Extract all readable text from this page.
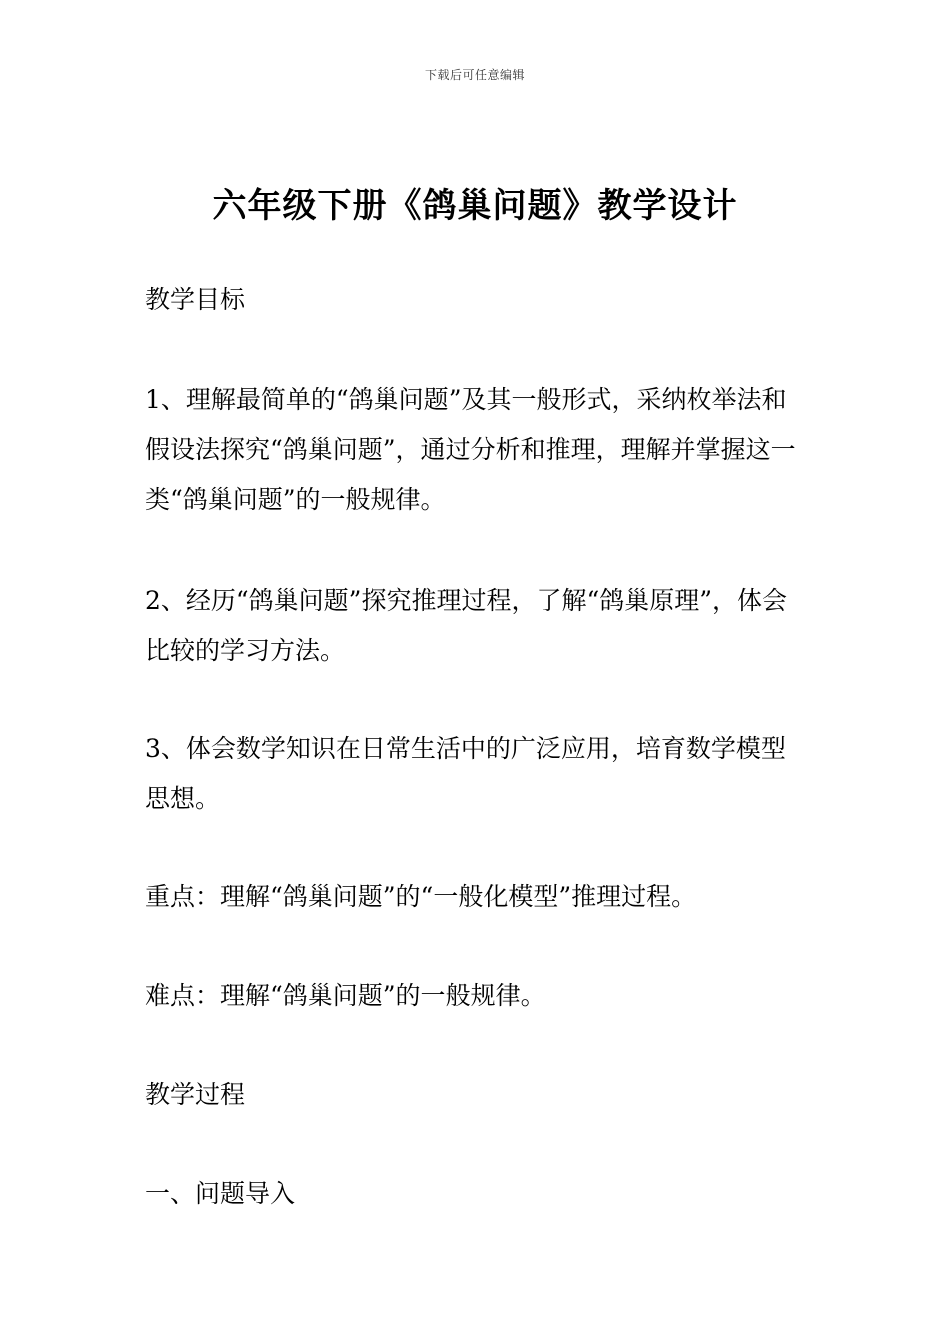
下载后可任意编辑
六年级下册《鸽巢问题》教学设计

教学目标

1、理解最简单的“鸽巢问题”及其一般形式，采纳枚举法和假设法探究“鸽巢问题”，通过分析和推理，理解并掌握这一类“鸽巢问题”的一般规律。

2、经历“鸽巢问题”探究推理过程，了解“鸽巢原理”，体会比较的学习方法。

3、体会数学知识在日常生活中的广泛应用，培育数学模型思想。

重点：理解“鸽巢问题”的“一般化模型”推理过程。

难点：理解“鸽巢问题”的一般规律。

教学过程

一、问题导入
